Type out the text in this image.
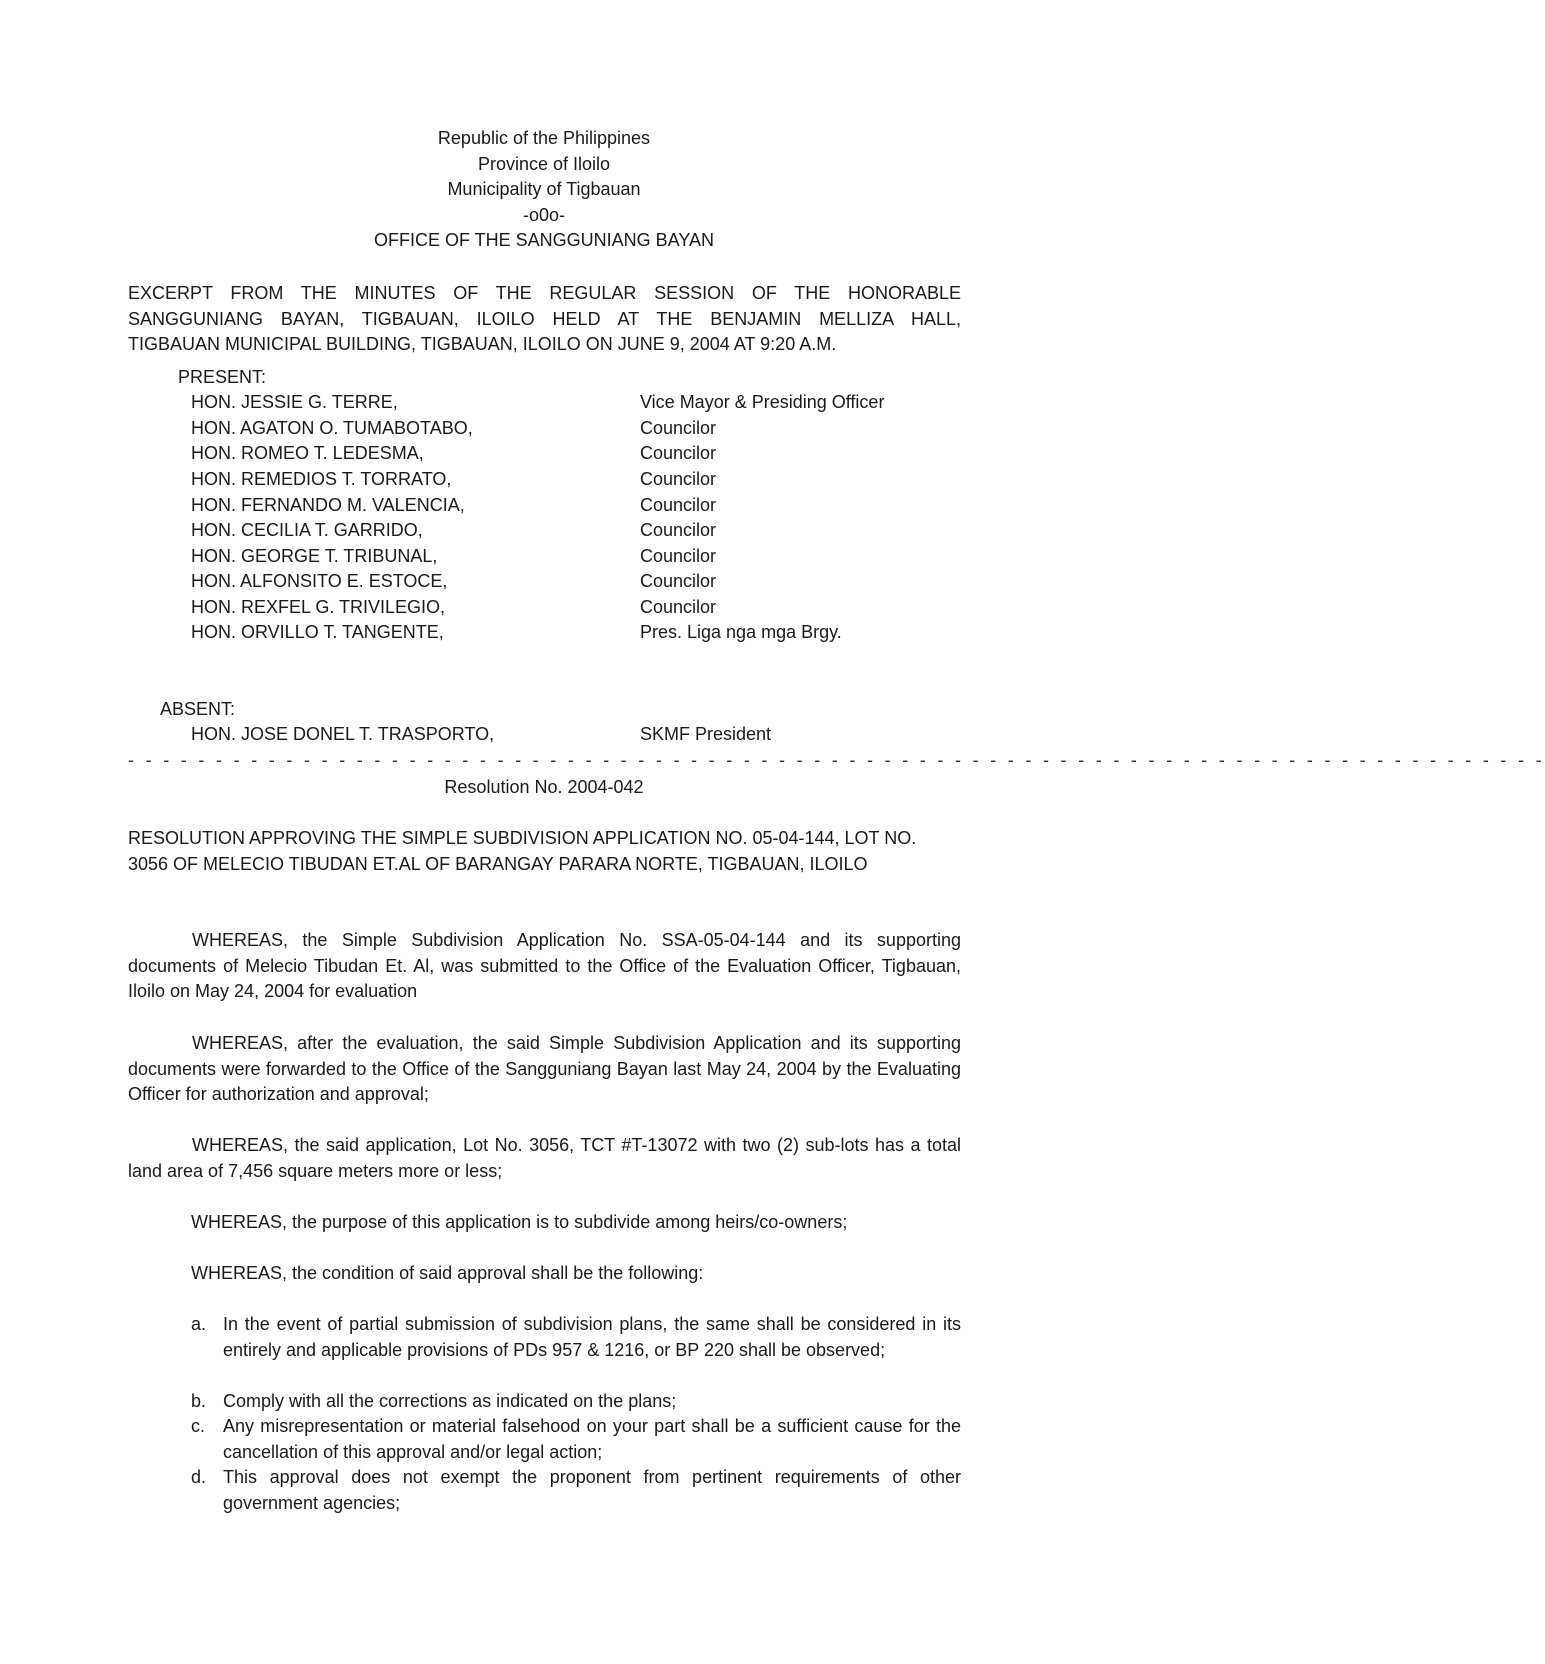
Republic of the Philippines
Province of Iloilo
Municipality of Tigbauan
-o0o-
OFFICE OF THE SANGGUNIANG BAYAN
EXCERPT FROM THE MINUTES OF THE REGULAR SESSION OF THE HONORABLE
SANGGUNIANG BAYAN, TIGBAUAN, ILOILO HELD AT THE BENJAMIN MELLIZA HALL,
TIGBAUAN MUNICIPAL BUILDING, TIGBAUAN, ILOILO ON JUNE 9, 2004 AT 9:20 A.M.
PRESENT:
HON. JESSIE G. TERRE,	Vice Mayor & Presiding Officer
HON. AGATON O. TUMABOTABO,	Councilor
HON. ROMEO T. LEDESMA,	Councilor
HON. REMEDIOS T. TORRATO,	Councilor
HON. FERNANDO M. VALENCIA,	Councilor
HON. CECILIA T. GARRIDO,	Councilor
HON. GEORGE T. TRIBUNAL,	Councilor
HON. ALFONSITO E. ESTOCE,	Councilor
HON. REXFEL G. TRIVILEGIO,	Councilor
HON. ORVILLO T. TANGENTE,	Pres. Liga nga mga Brgy.
ABSENT:
HON. JOSE DONEL T. TRASPORTO,	SKMF President
- - - - - - - - - - - - - - - - - - - - - - - - - - - - - - - - - - - - - - - - - - - - - - - - - - - - - - - - - - - - - - - - - - - - - - - - - - - - - - - - -
Resolution No. 2004-042
RESOLUTION APPROVING THE SIMPLE SUBDIVISION APPLICATION NO. 05-04-144, LOT NO. 3056 OF MELECIO TIBUDAN ET.AL OF BARANGAY PARARA NORTE, TIGBAUAN, ILOILO
WHEREAS, the Simple Subdivision Application No. SSA-05-04-144 and its supporting documents of Melecio Tibudan Et. Al, was submitted to the Office of the Evaluation Officer, Tigbauan, Iloilo on May 24, 2004 for evaluation
WHEREAS, after the evaluation, the said Simple Subdivision Application and its supporting documents were forwarded to the Office of the Sangguniang Bayan last May 24, 2004 by the Evaluating Officer for authorization and approval;
WHEREAS, the said application, Lot No. 3056, TCT #T-13072 with two (2) sub-lots has a total land area of 7,456 square meters more or less;
WHEREAS, the purpose of this application is to subdivide among heirs/co-owners;
WHEREAS, the condition of said approval shall be the following:
a. In the event of partial submission of subdivision plans, the same shall be considered in its entirely and applicable provisions of PDs 957 & 1216, or BP 220 shall be observed;
b. Comply with all the corrections as indicated on the plans;
c. Any misrepresentation or material falsehood on your part shall be a sufficient cause for the cancellation of this approval and/or legal action;
d. This approval does not exempt the proponent from pertinent requirements of other government agencies;
